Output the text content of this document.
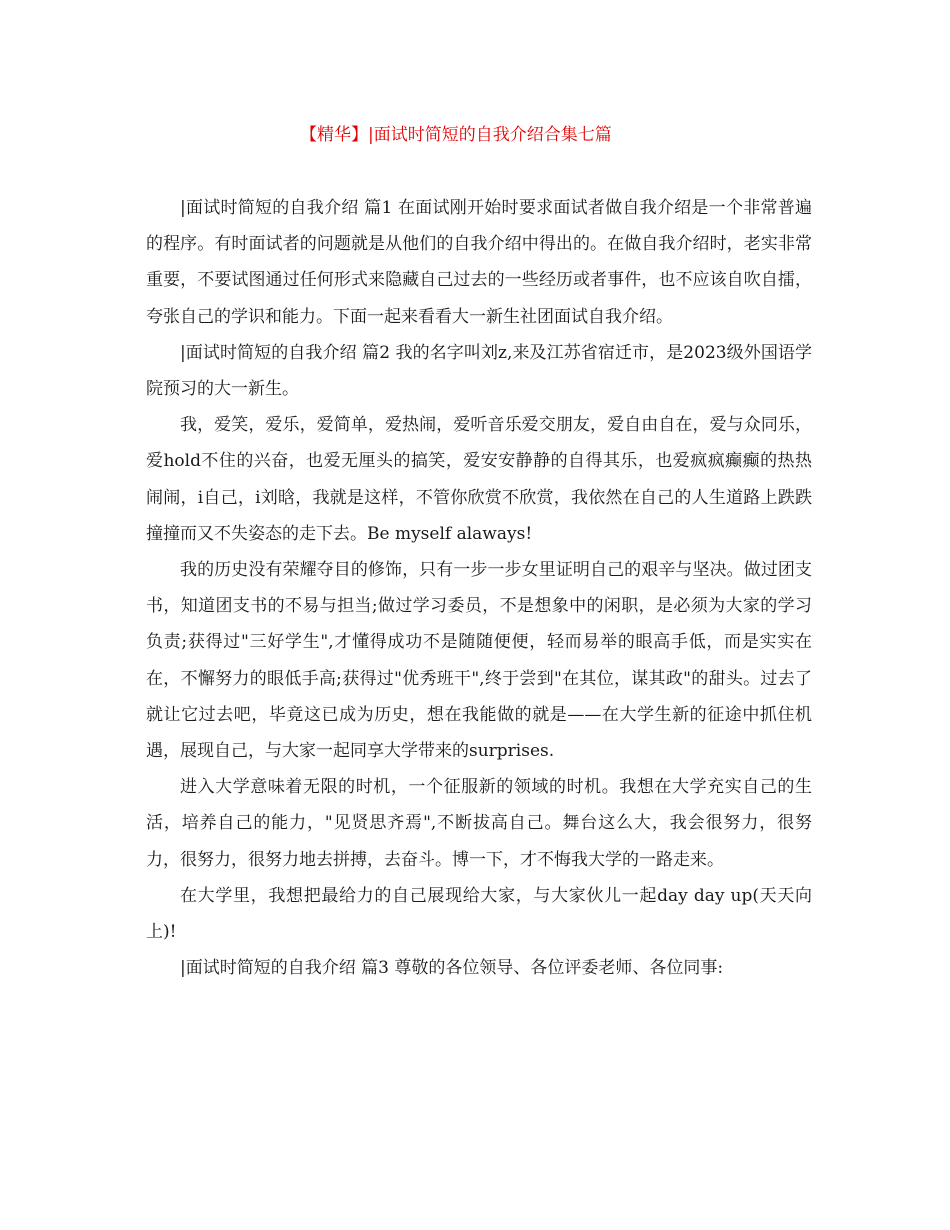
【精华】|面试时简短的自我介绍合集七篇

|面试时简短的自我介绍 篇1 在面试刚开始时要求面试者做自我介绍是一个非常普遍的程序。有时面试者的问题就是从他们的自我介绍中得出的。在做自我介绍时，老实非常重要，不要试图通过任何形式来隐藏自己过去的一些经历或者事件，也不应该自吹自擂，夸张自己的学识和能力。下面一起来看看大一新生社团面试自我介绍。

|面试时简短的自我介绍 篇2 我的名字叫刘z,来及江苏省宿迁市，是2023级外国语学院预习的大一新生。

我，爱笑，爱乐，爱简单，爱热闹，爱听音乐爱交朋友，爱自由自在，爱与众同乐，爱hold不住的兴奋，也爱无厘头的搞笑，爱安安静静的自得其乐，也爱疯疯癫癫的热热闹闹，i自己，i刘晗，我就是这样，不管你欣赏不欣赏，我依然在自己的人生道路上跌跌撞撞而又不失姿态的走下去。Be myself alaways!

我的历史没有荣耀夺目的修饰，只有一步一步女里证明自己的艰辛与坚决。做过团支书，知道团支书的不易与担当;做过学习委员，不是想象中的闲职，是必须为大家的学习负责;获得过"三好学生",才懂得成功不是随随便便，轻而易举的眼高手低，而是实实在在，不懈努力的眼低手高;获得过"优秀班干",终于尝到"在其位，谋其政"的甜头。过去了就让它过去吧，毕竟这已成为历史，想在我能做的就是——在大学生新的征途中抓住机遇，展现自己，与大家一起同享大学带来的surprises.

进入大学意味着无限的时机，一个征服新的领域的时机。我想在大学充实自己的生活，培养自己的能力，"见贤思齐焉",不断拔高自己。舞台这么大，我会很努力，很努力，很努力，很努力地去拼搏，去奋斗。博一下，才不悔我大学的一路走来。

在大学里，我想把最给力的自己展现给大家，与大家伙儿一起day day up(天天向上)!

|面试时简短的自我介绍 篇3 尊敬的各位领导、各位评委老师、各位同事:
